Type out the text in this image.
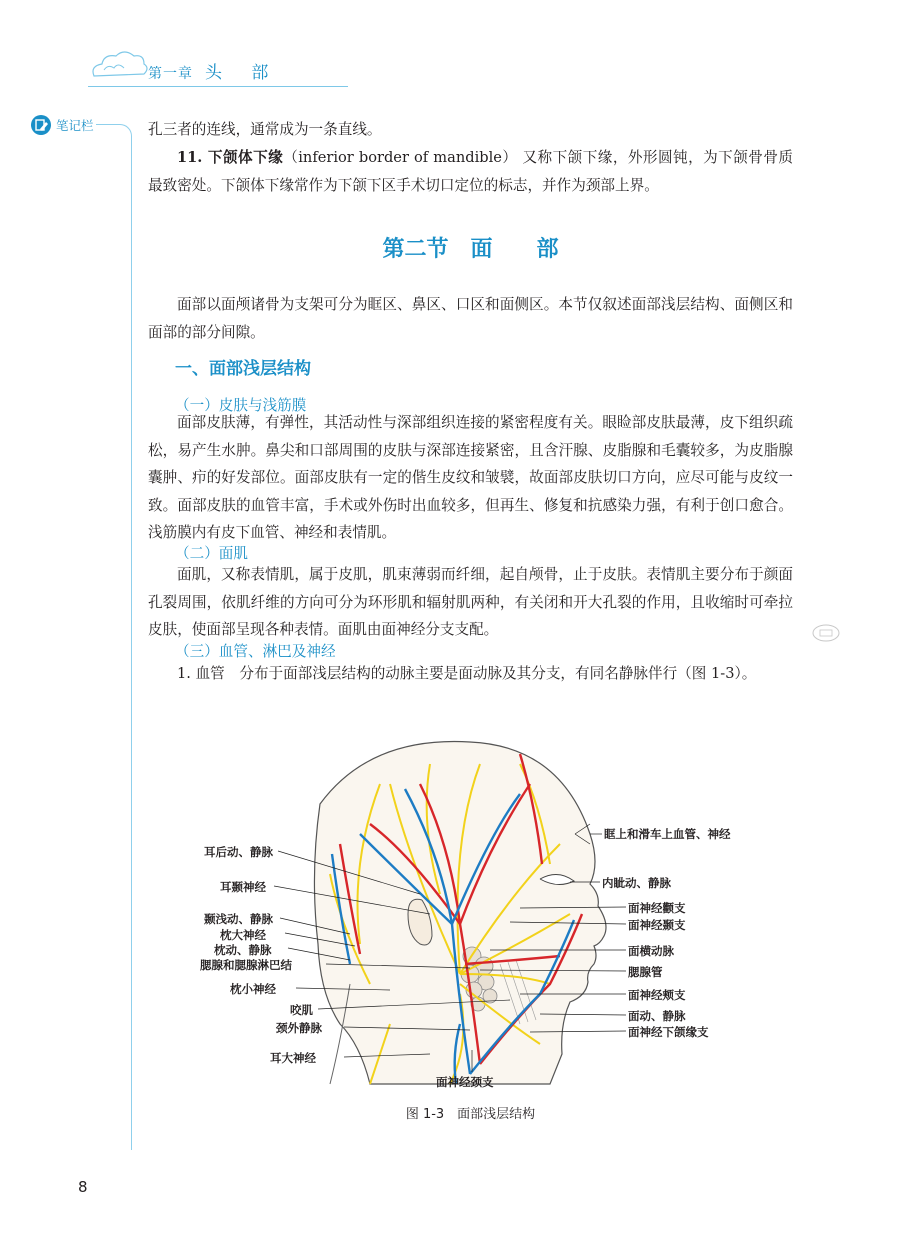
第一章 头 部
笔记栏	孔三者的连线，通常成为一条直线。
11. 下颌体下缘（inferior border of mandible） 又称下颌下缘，外形圆钝，为下颌骨骨质最致密处。下颌体下缘常作为下颌下区手术切口定位的标志，并作为颈部上界。
第二节　面　　部
面部以面颅诸骨为支架可分为眶区、鼻区、口区和面侧区。本节仅叙述面部浅层结构、面侧区和面部的部分间隙。
一、面部浅层结构
（一）皮肤与浅筋膜
面部皮肤薄，有弹性，其活动性与深部组织连接的紧密程度有关。眼睑部皮肤最薄，皮下组织疏松，易产生水肿。鼻尖和口部周围的皮肤与深部连接紧密，且含汗腺、皮脂腺和毛囊较多，为皮脂腺囊肿、疖的好发部位。面部皮肤有一定的偕生皮纹和皱襞，故面部皮肤切口方向，应尽可能与皮纹一致。面部皮肤的血管丰富，手术或外伤时出血较多，但再生、修复和抗感染力强，有利于创口愈合。浅筋膜内有皮下血管、神经和表情肌。
（二）面肌
面肌，又称表情肌，属于皮肌，肌束薄弱而纤细，起自颅骨，止于皮肤。表情肌主要分布于颜面孔裂周围，依肌纤维的方向可分为环形肌和辐射肌两种，有关闭和开大孔裂的作用，且收缩时可牵拉皮肤，使面部呈现各种表情。面肌由面神经分支支配。
（三）血管、淋巴及神经
1. 血管　分布于面部浅层结构的动脉主要是面动脉及其分支，有同名静脉伴行（图 1-3）。
耳后动、静脉
耳颞神经
颞浅动、静脉
枕大神经
枕动、静脉
腮腺和腮腺淋巴结
枕小神经
咬肌
颈外静脉
耳大神经
眶上和滑车上血管、神经
内眦动、静脉
面神经颧支
面神经颞支
面横动脉
腮腺管
面神经颊支
面动、静脉
面神经下颌缘支
面神经颈支
图 1-3　面部浅层结构
8
